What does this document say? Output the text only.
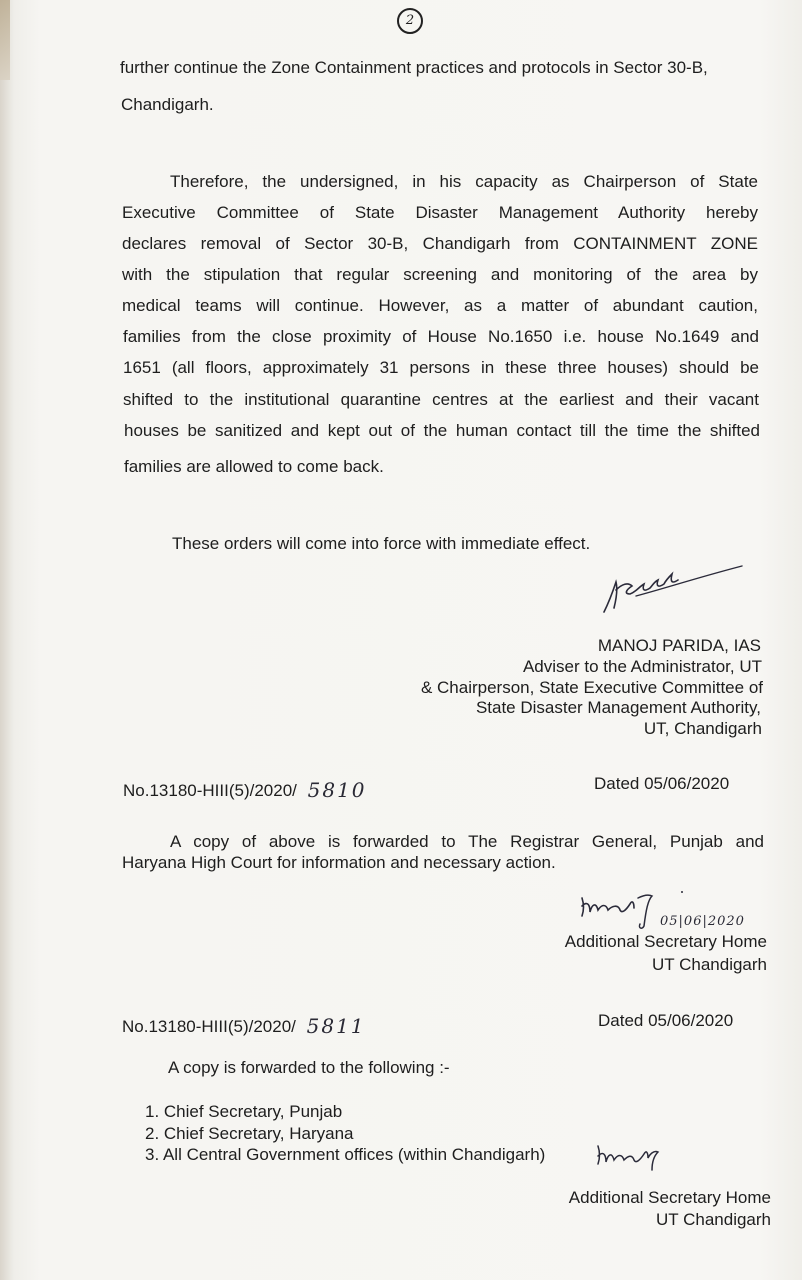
2
further continue the Zone Containment practices and protocols in Sector 30-B,
Chandigarh.
Therefore, the undersigned, in his capacity as Chairperson of State
Executive Committee of State Disaster Management Authority hereby
declares removal of Sector 30-B, Chandigarh from CONTAINMENT ZONE
with the stipulation that regular screening and monitoring of the area by
medical teams will continue. However, as a matter of abundant caution,
families from the close proximity of House No.1650 i.e. house No.1649 and
1651 (all floors, approximately 31 persons in these three houses) should be
shifted to the institutional quarantine centres at the earliest and their vacant
houses be sanitized and kept out of the human contact till the time the shifted
families are allowed to come back.
These orders will come into force with immediate effect.
MANOJ PARIDA, IAS
Adviser to the Administrator, UT
& Chairperson, State Executive Committee of
State Disaster Management Authority,
UT, Chandigarh
No.13180-HIII(5)/2020/ 5810	Dated 05/06/2020
A copy of above is forwarded to The Registrar General, Punjab and
Haryana High Court for information and necessary action.
05|06|2020
Additional Secretary Home
UT Chandigarh
No.13180-HIII(5)/2020/ 5811	Dated 05/06/2020
A copy is forwarded to the following :-
1. Chief Secretary, Punjab
2. Chief Secretary, Haryana
3. All Central Government offices (within Chandigarh)
Additional Secretary Home
UT Chandigarh
